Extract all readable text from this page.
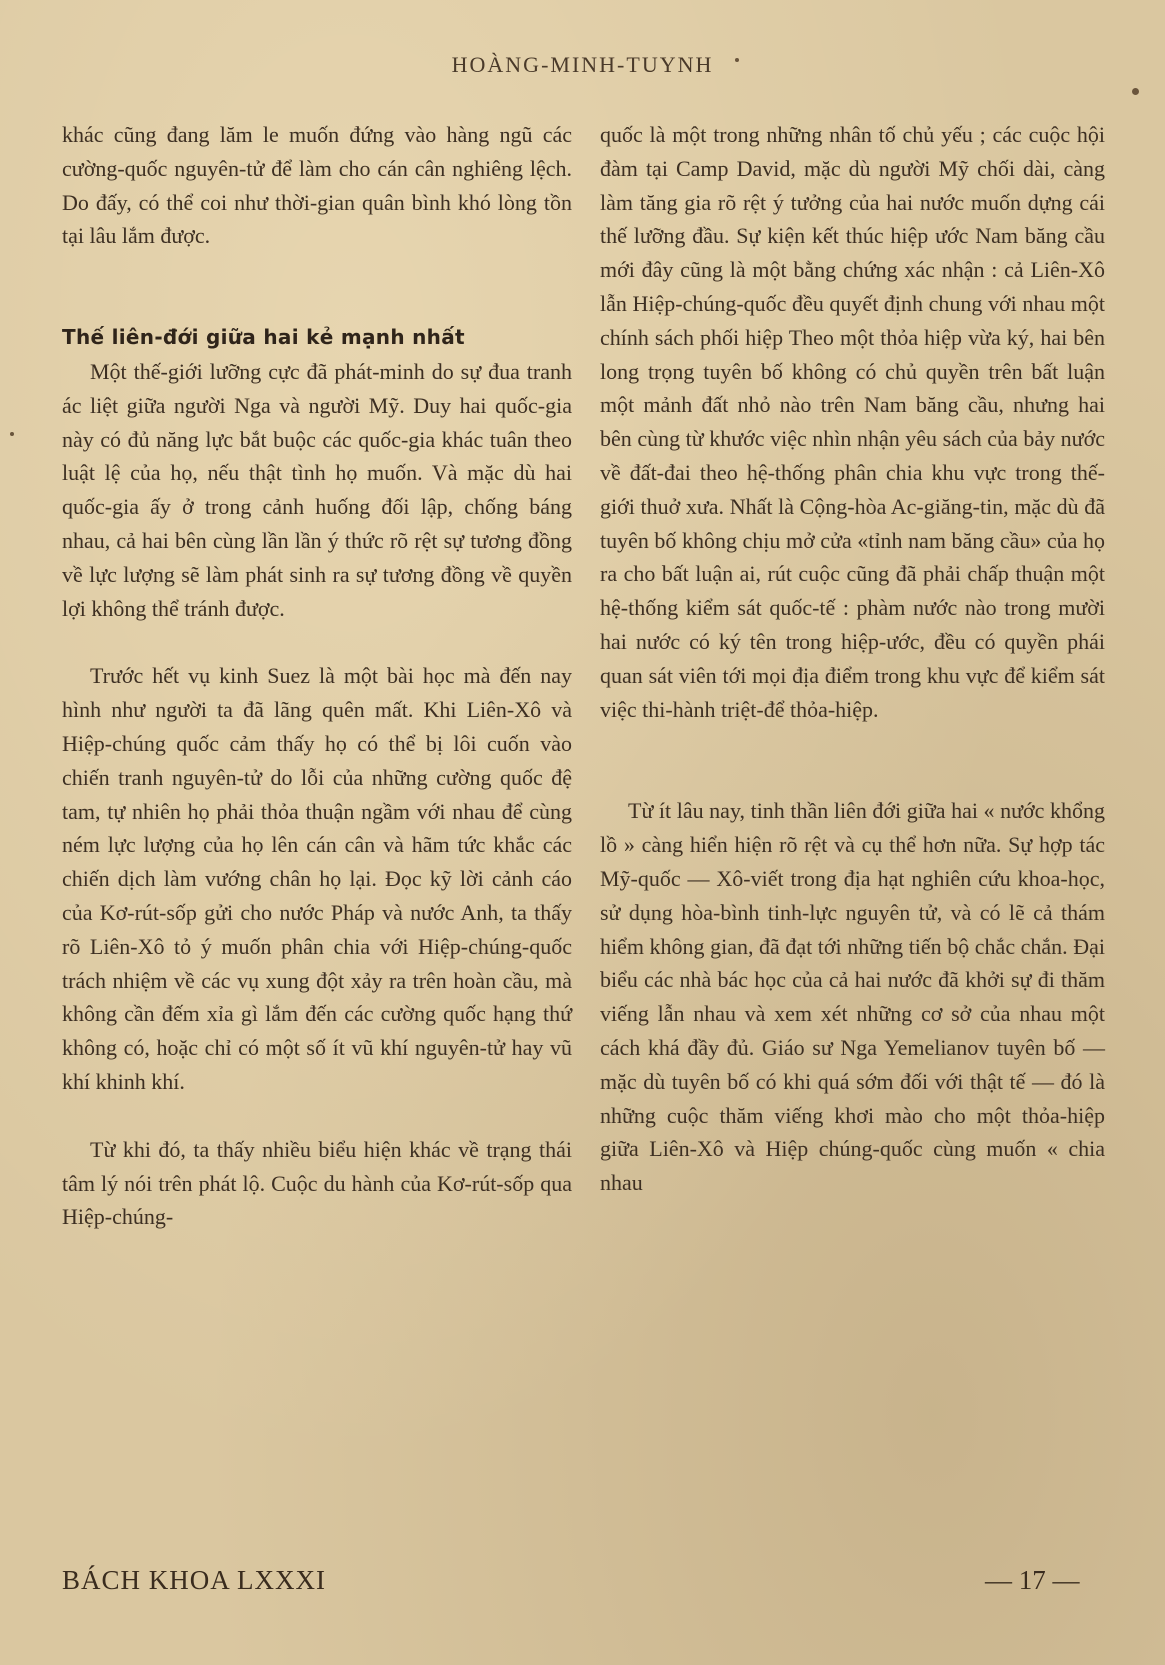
HOÀNG-MINH-TUYNH

khác cũng đang lăm le muốn đứng vào hàng ngũ các cường-quốc nguyên-tử để làm cho cán cân nghiêng lệch. Do đấy, có thể coi như thời-gian quân bình khó lòng tồn tại lâu lắm được.

Thế liên-đới giữa hai kẻ mạnh nhất

Một thế-giới lưỡng cực đã phát-minh do sự đua tranh ác liệt giữa người Nga và người Mỹ. Duy hai quốc-gia này có đủ năng lực bắt buộc các quốc-gia khác tuân theo luật lệ của họ, nếu thật tình họ muốn. Và mặc dù hai quốc-gia ấy ở trong cảnh huống đối lập, chống báng nhau, cả hai bên cùng lần lần ý thức rõ rệt sự tương đồng về lực lượng sẽ làm phát sinh ra sự tương đồng về quyền lợi không thể tránh được.

Trước hết vụ kinh Suez là một bài học mà đến nay hình như người ta đã lãng quên mất. Khi Liên-Xô và Hiệp-chúng quốc cảm thấy họ có thể bị lôi cuốn vào chiến tranh nguyên-tử do lỗi của những cường quốc đệ tam, tự nhiên họ phải thỏa thuận ngầm với nhau để cùng ném lực lượng của họ lên cán cân và hãm tức khắc các chiến dịch làm vướng chân họ lại. Đọc kỹ lời cảnh cáo của Kơ-rút-sốp gửi cho nước Pháp và nước Anh, ta thấy rõ Liên-Xô tỏ ý muốn phân chia với Hiệp-chúng-quốc trách nhiệm về các vụ xung đột xảy ra trên hoàn cầu, mà không cần đếm xỉa gì lắm đến các cường quốc hạng thứ không có, hoặc chỉ có một số ít vũ khí nguyên-tử hay vũ khí khinh khí.

Từ khi đó, ta thấy nhiều biểu hiện khác về trạng thái tâm lý nói trên phát lộ. Cuộc du hành của Kơ-rút-sốp qua Hiệp-chúng-

quốc là một trong những nhân tố chủ yếu ; các cuộc hội đàm tại Camp David, mặc dù người Mỹ chối dài, càng làm tăng gia rõ rệt ý tưởng của hai nước muốn dựng cái thế lưỡng đầu. Sự kiện kết thúc hiệp ước Nam băng cầu mới đây cũng là một bằng chứng xác nhận : cả Liên-Xô lẫn Hiệp-chúng-quốc đều quyết định chung với nhau một chính sách phối hiệp Theo một thỏa hiệp vừa ký, hai bên long trọng tuyên bố không có chủ quyền trên bất luận một mảnh đất nhỏ nào trên Nam băng cầu, nhưng hai bên cùng từ khước việc nhìn nhận yêu sách của bảy nước về đất-đai theo hệ-thống phân chia khu vực trong thế-giới thuở xưa. Nhất là Cộng-hòa Ac-giăng-tin, mặc dù đã tuyên bố không chịu mở cửa «tỉnh nam băng cầu» của họ ra cho bất luận ai, rút cuộc cũng đã phải chấp thuận một hệ-thống kiểm sát quốc-tế : phàm nước nào trong mười hai nước có ký tên trong hiệp-ước, đều có quyền phái quan sát viên tới mọi địa điểm trong khu vực để kiểm sát việc thi-hành triệt-để thỏa-hiệp.

Từ ít lâu nay, tinh thần liên đới giữa hai « nước khổng lồ » càng hiển hiện rõ rệt và cụ thể hơn nữa. Sự hợp tác Mỹ-quốc — Xô-viết trong địa hạt nghiên cứu khoa-học, sử dụng hòa-bình tinh-lực nguyên tử, và có lẽ cả thám hiểm không gian, đã đạt tới những tiến bộ chắc chắn. Đại biểu các nhà bác học của cả hai nước đã khởi sự đi thăm viếng lẫn nhau và xem xét những cơ sở của nhau một cách khá đầy đủ. Giáo sư Nga Yemelianov tuyên bố — mặc dù tuyên bố có khi quá sớm đối với thật tế — đó là những cuộc thăm viếng khơi mào cho một thỏa-hiệp giữa Liên-Xô và Hiệp chúng-quốc cùng muốn « chia nhau

BÁCH KHOA LXXXI	— 17 —
